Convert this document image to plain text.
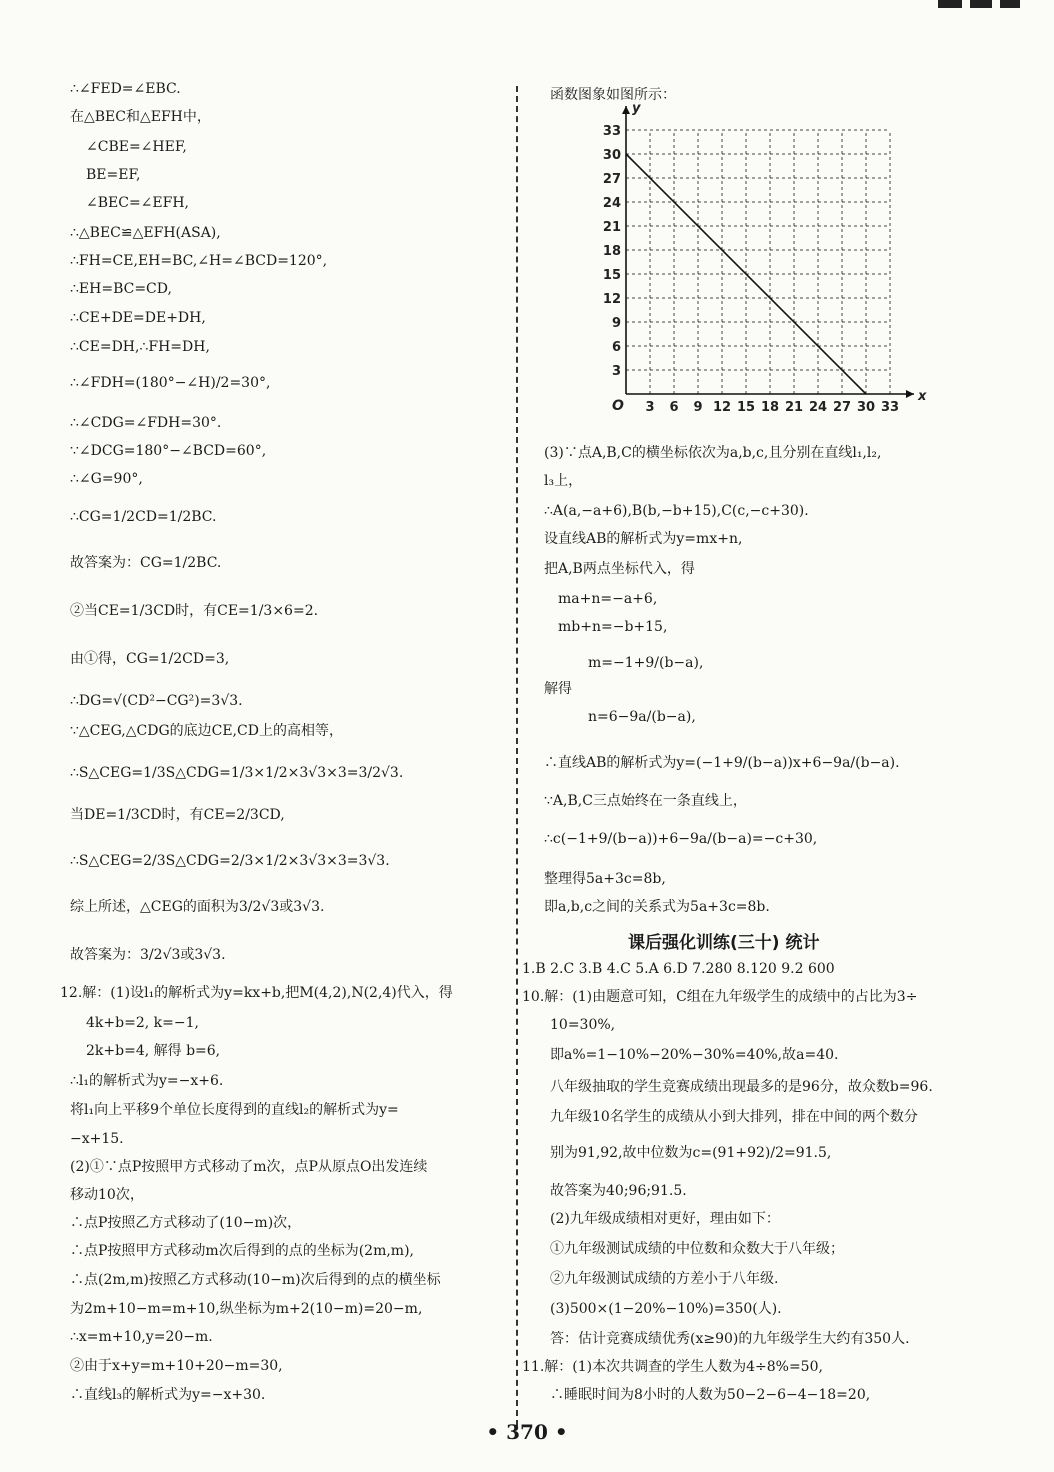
∴∠FED=∠EBC.
在△BEC和△EFH中，
∠CBE=∠HEF,
BE=EF,
∠BEC=∠EFH,
∴△BEC≌△EFH(ASA),
∴FH=CE,EH=BC,∠H=∠BCD=120°,
∴EH=BC=CD,
∴CE+DE=DE+DH,
∴CE=DH,∴FH=DH,
∴∠FDH=(180°−∠H)/2=30°,
∴∠CDG=∠FDH=30°.
∵∠DCG=180°−∠BCD=60°,
∴∠G=90°,
∴CG=1/2CD=1/2BC.
故答案为：CG=1/2BC.
②当CE=1/3CD时，有CE=1/3×6=2.
由①得，CG=1/2CD=3,
∴DG=√(CD²−CG²)=3√3.
∵△CEG,△CDG的底边CE,CD上的高相等，
∴S△CEG=1/3S△CDG=1/3×1/2×3√3×3=3/2√3.
当DE=1/3CD时，有CE=2/3CD,
∴S△CEG=2/3S△CDG=2/3×1/2×3√3×3=3√3.
综上所述，△CEG的面积为3/2√3或3√3.
故答案为：3/2√3或3√3.
12.解：(1)设l₁的解析式为y=kx+b,把M(4,2),N(2,4)代入，得
4k+b=2, k=−1,
2k+b=4, 解得 b=6,
∴l₁的解析式为y=−x+6.
将l₁向上平移9个单位长度得到的直线l₂的解析式为y=
−x+15.
(2)①∵点P按照甲方式移动了m次，点P从原点O出发连续
移动10次，
∴点P按照乙方式移动了(10−m)次，
∴点P按照甲方式移动m次后得到的点的坐标为(2m,m),
∴点(2m,m)按照乙方式移动(10−m)次后得到的点的横坐标
为2m+10−m=m+10,纵坐标为m+2(10−m)=20−m,
∴x=m+10,y=20−m.
②由于x+y=m+10+20−m=30,
∴直线l₃的解析式为y=−x+30.
函数图象如图所示：
x
y
O 3 6 9 12 15 18 21 24 27 30 33
3
6
9
12
15
18
21
24
27
30
33
(3)∵点A,B,C的横坐标依次为a,b,c,且分别在直线l₁,l₂,
l₃上，
∴A(a,−a+6),B(b,−b+15),C(c,−c+30).
设直线AB的解析式为y=mx+n,
把A,B两点坐标代入，得
ma+n=−a+6,
mb+n=−b+15,
m=−1+9/(b−a),
解得
n=6−9a/(b−a),
∴直线AB的解析式为y=(−1+9/(b−a))x+6−9a/(b−a).
∵A,B,C三点始终在一条直线上，
∴c(−1+9/(b−a))+6−9a/(b−a)=−c+30,
整理得5a+3c=8b,
即a,b,c之间的关系式为5a+3c=8b.
课后强化训练(三十) 统计
1.B 2.C 3.B 4.C 5.A 6.D 7.280 8.120 9.2 600
10.解：(1)由题意可知，C组在九年级学生的成绩中的占比为3÷
10=30%,
即a%=1−10%−20%−30%=40%,故a=40.
八年级抽取的学生竞赛成绩出现最多的是96分，故众数b=96.
九年级10名学生的成绩从小到大排列，排在中间的两个数分
别为91,92,故中位数为c=(91+92)/2=91.5,
故答案为40;96;91.5.
(2)九年级成绩相对更好，理由如下：
①九年级测试成绩的中位数和众数大于八年级；
②九年级测试成绩的方差小于八年级.
(3)500×(1−20%−10%)=350(人).
答：估计竞赛成绩优秀(x≥90)的九年级学生大约有350人.
11.解：(1)本次共调查的学生人数为4÷8%=50,
∴睡眠时间为8小时的人数为50−2−6−4−18=20,
• 370 •
